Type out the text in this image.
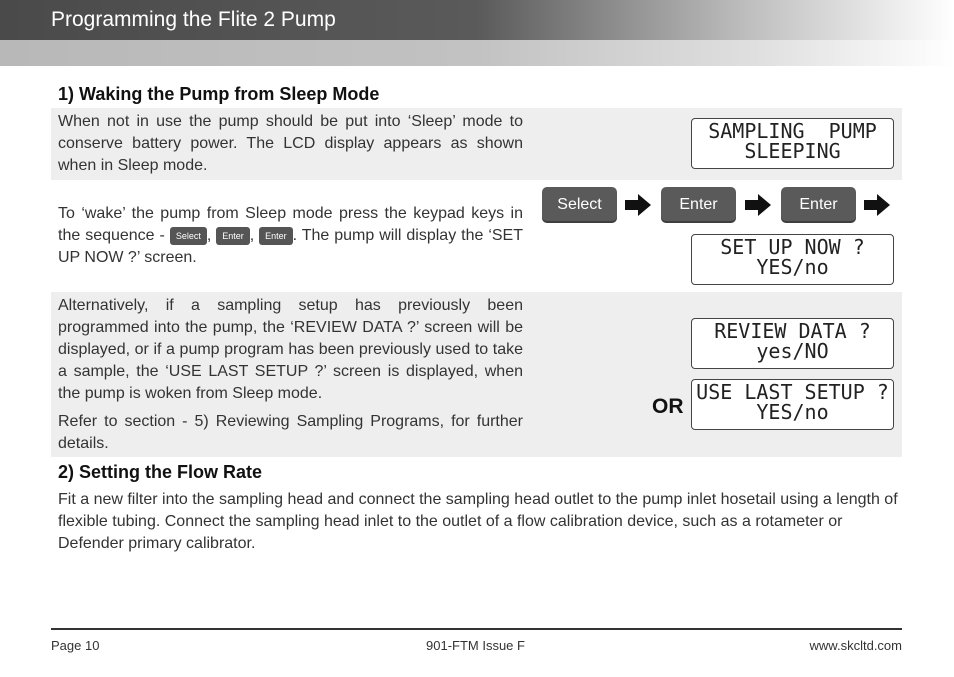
Programming the Flite 2 Pump
1) Waking the Pump from Sleep Mode
When not in use the pump should be put into ‘Sleep’ mode to conserve battery power. The LCD display appears as shown when in Sleep mode.
To ‘wake’ the pump from Sleep mode press the keypad keys in the sequence - Select , Enter , Enter . The pump will display the ‘SET UP NOW ?’ screen.
Alternatively, if a sampling setup has previously been programmed into the pump, the ‘REVIEW DATA ?’ screen will be displayed, or if a pump program has been previously used to take a sample, the ‘USE LAST SETUP ?’ screen is displayed, when the pump is woken from Sleep mode.
Refer to section - 5) Reviewing Sampling Programs, for further details.
SAMPLING  PUMP
SLEEPING
Select	Enter	Enter
SET UP NOW ?
YES/no
REVIEW DATA ?
yes/NO
OR
USE LAST SETUP ?
YES/no
2) Setting the Flow Rate
Fit a new filter into the sampling head and connect the sampling head outlet to the pump inlet hosetail using a length of flexible tubing. Connect the sampling head inlet to the outlet of a flow calibration device, such as a rotameter or Defender primary calibrator.
Page 10	901-FTM Issue F	www.skcltd.com
